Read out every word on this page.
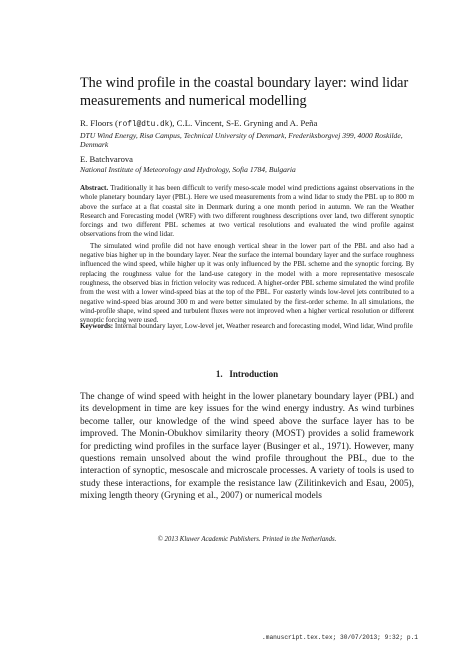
The wind profile in the coastal boundary layer: wind lidar measurements and numerical modelling
R. Floors (rofl@dtu.dk), C.L. Vincent, S-E. Gryning and A. Peña
DTU Wind Energy, Risø Campus, Technical University of Denmark, Frederiksborgvej 399, 4000 Roskilde, Denmark
E. Batchvarova
National Institute of Meteorology and Hydrology, Sofia 1784, Bulgaria

Abstract. Traditionally it has been difficult to verify meso-scale model wind predictions against observations in the whole planetary boundary layer (PBL). Here we used measurements from a wind lidar to study the PBL up to 800 m above the surface at a flat coastal site in Denmark during a one month period in autumn. We ran the Weather Research and Forecasting model (WRF) with two different roughness descriptions over land, two different synoptic forcings and two different PBL schemes at two vertical resolutions and evaluated the wind profile against observations from the wind lidar.

The simulated wind profile did not have enough vertical shear in the lower part of the PBL and also had a negative bias higher up in the boundary layer. Near the surface the internal boundary layer and the surface roughness influenced the wind speed, while higher up it was only influenced by the PBL scheme and the synoptic forcing. By replacing the roughness value for the land-use category in the model with a more representative mesoscale roughness, the observed bias in friction velocity was reduced. A higher-order PBL scheme simulated the wind profile from the west with a lower wind-speed bias at the top of the PBL. For easterly winds low-level jets contributed to a negative wind-speed bias around 300 m and were better simulated by the first-order scheme. In all simulations, the wind-profile shape, wind speed and turbulent fluxes were not improved when a higher vertical resolution or different synoptic forcing were used.

Keywords: Internal boundary layer, Low-level jet, Weather research and forecasting model, Wind lidar, Wind profile
1. Introduction

The change of wind speed with height in the lower planetary boundary layer (PBL) and its development in time are key issues for the wind energy industry. As wind turbines become taller, our knowledge of the wind speed above the surface layer has to be improved. The Monin-Obukhov similarity theory (MOST) provides a solid framework for predicting wind profiles in the surface layer (Businger et al., 1971). However, many questions remain unsolved about the wind profile throughout the PBL, due to the interaction of synoptic, mesoscale and microscale processes. A variety of tools is used to study these interactions, for example the resistance law (Zilitinkevich and Esau, 2005), mixing length theory (Gryning et al., 2007) or numerical models

© 2013 Kluwer Academic Publishers. Printed in the Netherlands.
.manuscript.tex.tex; 30/07/2013; 9:32; p.1
